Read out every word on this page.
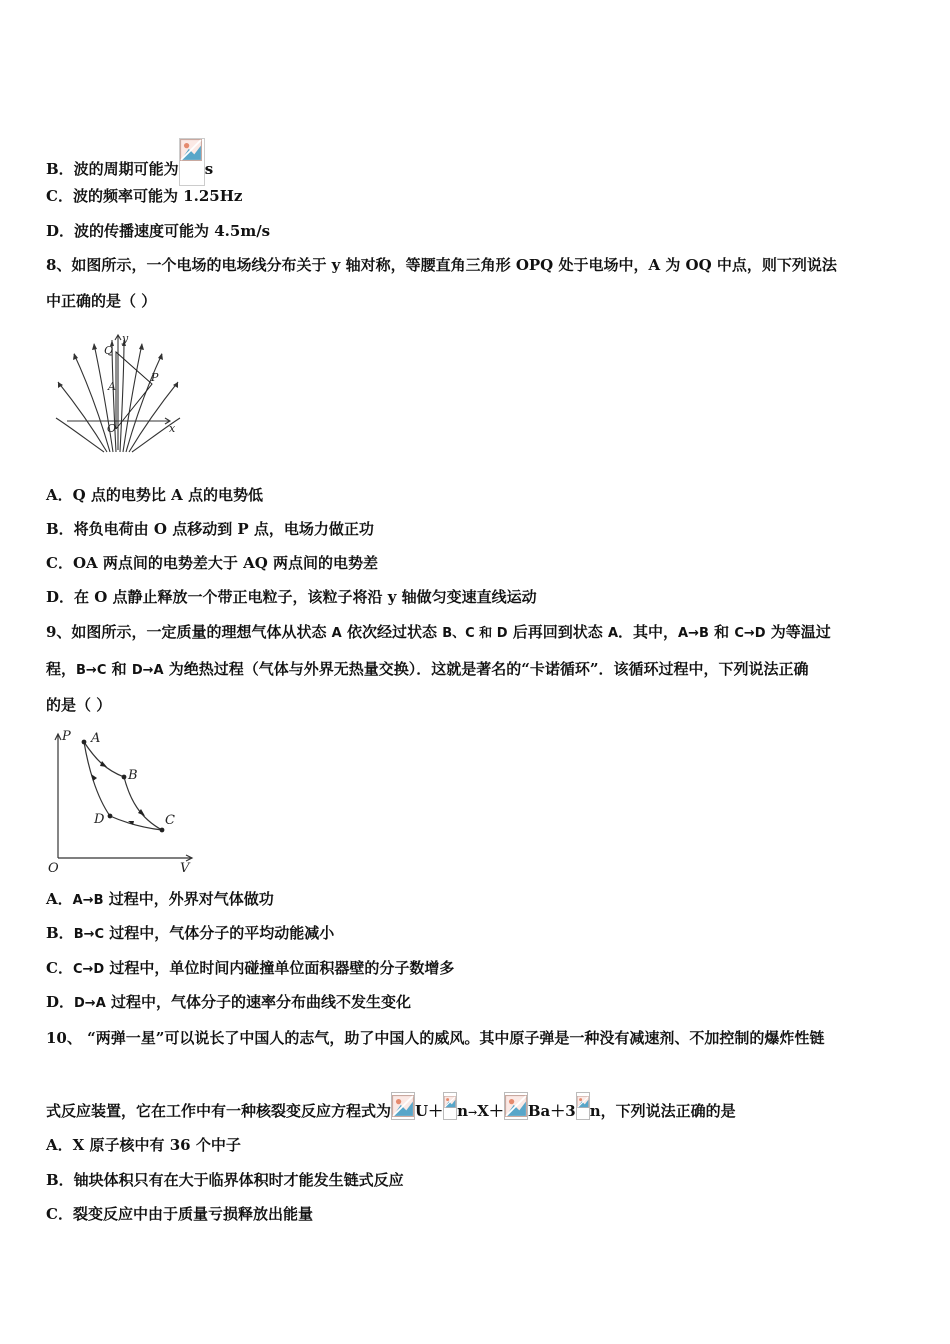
B．波的周期可能为 s
C．波的频率可能为 1.25Hz
D．波的传播速度可能为 4.5m/s
8、如图所示，一个电场的电场线分布关于 y 轴对称，等腰直角三角形 OPQ 处于电场中，A 为 OQ 中点，则下列说法
中正确的是（ ）
y
x
Q
A
P
O
A．Q 点的电势比 A 点的电势低
B．将负电荷由 O 点移动到 P 点，电场力做正功
C．OA 两点间的电势差大于 AQ 两点间的电势差
D．在 O 点静止释放一个带正电粒子，该粒子将沿 y 轴做匀变速直线运动
9、如图所示，一定质量的理想气体从状态 A 依次经过状态 B、C 和 D 后再回到状态 A．其中，A→B 和 C→D 为等温过
程，B→C 和 D→A 为绝热过程（气体与外界无热量交换）．这就是著名的“卡诺循环”．该循环过程中，下列说法正确
的是（ ）
P A
B
C
D
O	V
A．A→B 过程中，外界对气体做功
B．B→C 过程中，气体分子的平均动能减小
C．C→D 过程中，单位时间内碰撞单位面积器壁的分子数增多
D．D→A 过程中，气体分子的速率分布曲线不发生变化
10、 “两弹一星”可以说长了中国人的志气，助了中国人的威风。其中原子弹是一种没有减速剂、不加控制的爆炸性链
式反应装置，它在工作中有一种核裂变反应方程式为 U＋ n→X＋ Ba＋3 n，下列说法正确的是
A．X 原子核中有 36 个中子
B．铀块体积只有在大于临界体积时才能发生链式反应
C．裂变反应中由于质量亏损释放出能量
